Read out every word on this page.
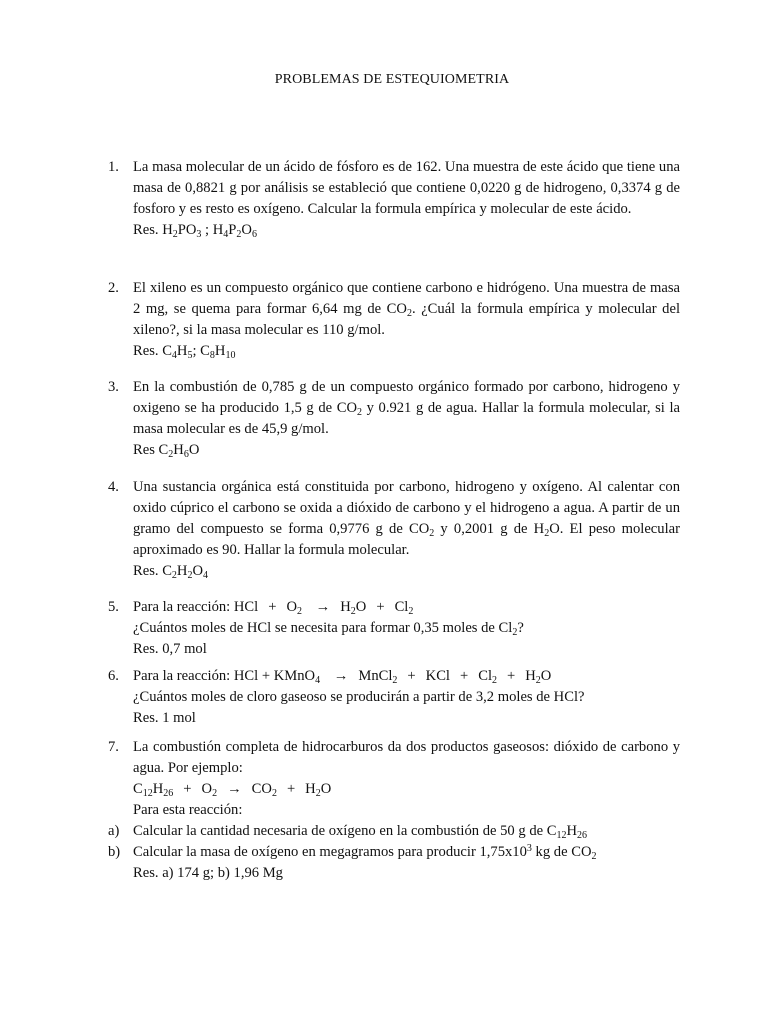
PROBLEMAS DE ESTEQUIOMETRIA
1. La masa molecular de un ácido de fósforo es de 162. Una muestra de este ácido que tiene una masa de 0,8821 g por análisis se estableció que contiene 0,0220 g de hidrogeno, 0,3374 g de fosforo y es resto es oxígeno. Calcular la formula empírica y molecular de este ácido.

Res. $H_2PO_3$ ; $H_4P_2O_6$

2. El xileno es un compuesto orgánico que contiene carbono e hidrógeno. Una muestra de masa 2 mg, se quema para formar 6,64 mg de $CO_2$. ¿Cuál la formula empírica y molecular del xileno?, si la masa molecular es 110 g/mol.

Res. $C_4H_5$; $C_8H_{10}$

3. En la combustión de 0,785 g de un compuesto orgánico formado por carbono, hidrogeno y oxigeno se ha producido 1,5 g de $CO_2$ y 0.921 g de agua. Hallar la formula molecular, si la masa molecular es de 45,9 g/mol.

Res $C_2H_6O$

4. Una sustancia orgánica está constituida por carbono, hidrogeno y oxígeno. Al calentar con oxido cúprico el carbono se oxida a dióxido de carbono y el hidrogeno a agua. A partir de un gramo del compuesto se forma 0,9776 g de $CO_2$ y 0,2001 g de $H_2O$. El peso molecular aproximado es 90. Hallar la formula molecular.

Res. $C_2H_2O_4$

5. Para la reacción: HCl + $O_2 \to H_2O + Cl_2$

¿Cuántos moles de HCl se necesita para formar 0,35 moles de $Cl_2$?

Res. 0,7 mol

6. Para la reacción: HCl + KMnO$_4$ → MnCl$_2$ + KCl + $Cl_2 + H_2O$

¿Cuántos moles de cloro gaseoso se producirán a partir de 3,2 moles de HCl?

Res. 1 mol

7. La combustión completa de hidrocarburos da dos productos gaseosos: dióxido de carbono y agua. Por ejemplo:

$C_{12}H_{26} + O_2 \to CO_2 + H_2O$

Para esta reacción:

a) Calcular la cantidad necesaria de oxígeno en la combustión de 50 g de $C_{12}H_{26}$

b) Calcular la masa de oxígeno en megagramos para producir $1,75x10^3$ kg de $CO_2$

Res. a) 174 g; b) 1,96 Mg
